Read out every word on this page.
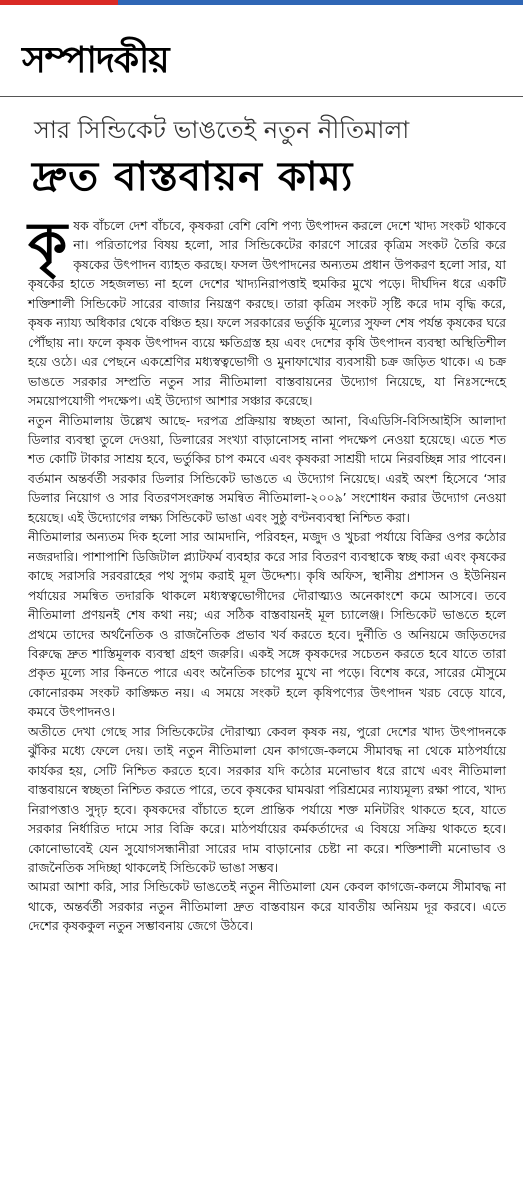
সম্পাদকীয়
সার সিন্ডিকেট ভাঙতেই নতুন নীতিমালা
দ্রুত বাস্তবায়ন কাম্য

কৃষক বাঁচলে দেশ বাঁচবে, কৃষকরা বেশি বেশি পণ্য উৎপাদন করলে দেশে খাদ্য সংকট থাকবে না। পরিতাপের বিষয় হলো, সার সিন্ডিকেটের কারণে সারের কৃত্রিম সংকট তৈরি করে কৃষকের উৎপাদন ব্যাহত করছে। ফসল উৎপাদনের অন্যতম প্রধান উপকরণ হলো সার, যা কৃষকের হাতে সহজলভ্য না হলে দেশের খাদ্যনিরাপত্তাই হুমকির মুখে পড়ে। দীর্ঘদিন ধরে একটি শক্তিশালী সিন্ডিকেট সারের বাজার নিয়ন্ত্রণ করছে। তারা কৃত্রিম সংকট সৃষ্টি করে দাম বৃদ্ধি করে, কৃষক ন্যায্য অধিকার থেকে বঞ্চিত হয়। ফলে সরকারের ভর্তুকি মূল্যের সুফল শেষ পর্যন্ত কৃষকের ঘরে পৌঁছায় না। ফলে কৃষক উৎপাদন ব্যয়ে ক্ষতিগ্রস্ত হয় এবং দেশের কৃষি উৎপাদন ব্যবস্থা অস্থিতিশীল হয়ে ওঠে। এর পেছনে একশ্রেণির মধ্যস্বত্বভোগী ও মুনাফাখোর ব্যবসায়ী চক্র জড়িত থাকে। এ চক্র ভাঙতে সরকার সম্প্রতি নতুন সার নীতিমালা বাস্তবায়নের উদ্যোগ নিয়েছে, যা নিঃসন্দেহে সময়োপযোগী পদক্ষেপ। এই উদ্যোগ আশার সঞ্চার করেছে।

নতুন নীতিমালায় উল্লেখ আছে- দরপত্র প্রক্রিয়ায় স্বচ্ছতা আনা, বিএডিসি-বিসিআইসি আলাদা ডিলার ব্যবস্থা তুলে দেওয়া, ডিলারের সংখ্যা বাড়ানোসহ নানা পদক্ষেপ নেওয়া হয়েছে। এতে শত শত কোটি টাকার সাশ্রয় হবে, ভর্তুকির চাপ কমবে এবং কৃষকরা সাশ্রয়ী দামে নিরবচ্ছিন্ন সার পাবেন। বর্তমান অন্তর্বর্তী সরকার ডিলার সিন্ডিকেট ভাঙতে এ উদ্যোগ নিয়েছে। এরই অংশ হিসেবে ‘সার ডিলার নিয়োগ ও সার বিতরণসংক্রান্ত সমন্বিত নীতিমালা-২০০৯’ সংশোধন করার উদ্যোগ নেওয়া হয়েছে। এই উদ্যোগের লক্ষ্য সিন্ডিকেট ভাঙা এবং সুষ্ঠু বণ্টনব্যবস্থা নিশ্চিত করা।

নীতিমালার অন্যতম দিক হলো সার আমদানি, পরিবহন, মজুদ ও খুচরা পর্যায়ে বিক্রির ওপর কঠোর নজরদারি। পাশাপাশি ডিজিটাল প্ল্যাটফর্ম ব্যবহার করে সার বিতরণ ব্যবস্থাকে স্বচ্ছ করা এবং কৃষকের কাছে সরাসরি সরবরাহের পথ সুগম করাই মূল উদ্দেশ্য। কৃষি অফিস, স্থানীয় প্রশাসন ও ইউনিয়ন পর্যায়ের সমন্বিত তদারকি থাকলে মধ্যস্বত্বভোগীদের দৌরাত্ম্যও অনেকাংশে কমে আসবে। তবে নীতিমালা প্রণয়নই শেষ কথা নয়; এর সঠিক বাস্তবায়নই মূল চ্যালেঞ্জ। সিন্ডিকেট ভাঙতে হলে প্রথমে তাদের অর্থনৈতিক ও রাজনৈতিক প্রভাব খর্ব করতে হবে। দুর্নীতি ও অনিয়মে জড়িতদের বিরুদ্ধে দ্রুত শাস্তিমূলক ব্যবস্থা গ্রহণ জরুরি। একই সঙ্গে কৃষকদের সচেতন করতে হবে যাতে তারা প্রকৃত মূল্যে সার কিনতে পারে এবং অনৈতিক চাপের মুখে না পড়ে। বিশেষ করে, সারের মৌসুমে কোনোরকম সংকট কাঙ্ক্ষিত নয়। এ সময়ে সংকট হলে কৃষিপণ্যের উৎপাদন খরচ বেড়ে যাবে, কমবে উৎপাদনও।

অতীতে দেখা গেছে সার সিন্ডিকেটের দৌরাত্ম্য কেবল কৃষক নয়, পুরো দেশের খাদ্য উৎপাদনকে ঝুঁকির মধ্যে ফেলে দেয়। তাই নতুন নীতিমালা যেন কাগজে-কলমে সীমাবদ্ধ না থেকে মাঠপর্যায়ে কার্যকর হয়, সেটি নিশ্চিত করতে হবে। সরকার যদি কঠোর মনোভাব ধরে রাখে এবং নীতিমালা বাস্তবায়নে স্বচ্ছতা নিশ্চিত করতে পারে, তবে কৃষকের ঘামঝরা পরিশ্রমের ন্যায্যমূল্য রক্ষা পাবে, খাদ্য নিরাপত্তাও সুদৃঢ় হবে। কৃষকদের বাঁচাতে হলে প্রান্তিক পর্যায়ে শক্ত মনিটরিং থাকতে হবে, যাতে সরকার নির্ধারিত দামে সার বিক্রি করে। মাঠপর্যায়ের কর্মকর্তাদের এ বিষয়ে সক্রিয় থাকতে হবে। কোনোভাবেই যেন সুযোগসন্ধানীরা সারের দাম বাড়ানোর চেষ্টা না করে। শক্তিশালী মনোভাব ও রাজনৈতিক সদিচ্ছা থাকলেই সিন্ডিকেট ভাঙা সম্ভব।

আমরা আশা করি, সার সিন্ডিকেট ভাঙতেই নতুন নীতিমালা যেন কেবল কাগজে-কলমে সীমাবদ্ধ না থাকে, অন্তর্বর্তী সরকার নতুন নীতিমালা দ্রুত বাস্তবায়ন করে যাবতীয় অনিয়ম দূর করবে। এতে দেশের কৃষককুল নতুন সম্ভাবনায় জেগে উঠবে।
